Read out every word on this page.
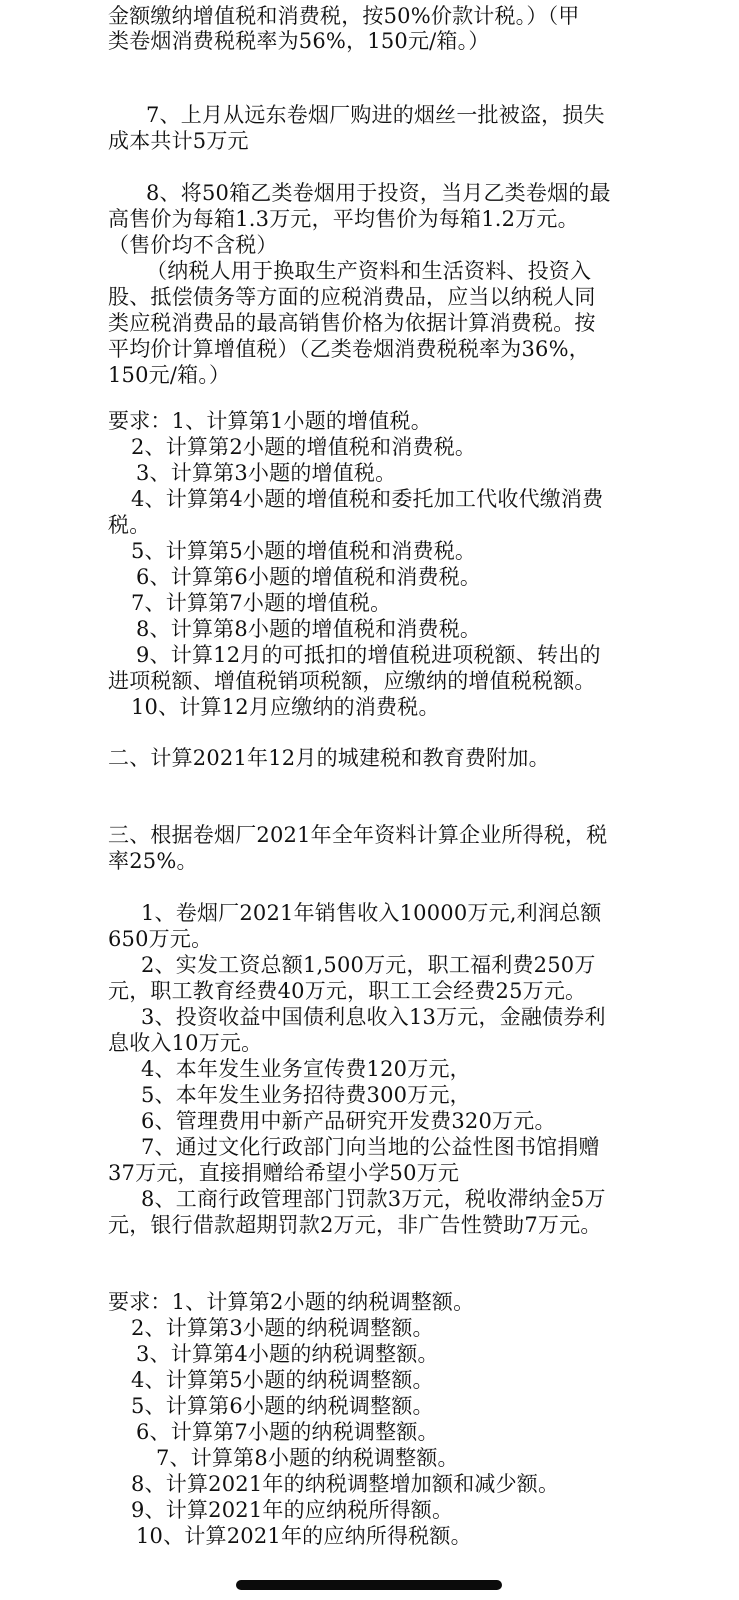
金额缴纳增值税和消费税，按50%价款计税。）（甲
类卷烟消费税税率为56%，150元/箱。）
7、上月从远东卷烟厂购进的烟丝一批被盗，损失
成本共计5万元
8、将50箱乙类卷烟用于投资，当月乙类卷烟的最
高售价为每箱1.3万元，平均售价为每箱1.2万元。
（售价均不含税）
（纳税人用于换取生产资料和生活资料、投资入
股、抵偿债务等方面的应税消费品，应当以纳税人同
类应税消费品的最高销售价格为依据计算消费税。按
平均价计算增值税）（乙类卷烟消费税税率为36%，
150元/箱。）
要求：1、计算第1小题的增值税。
2、计算第2小题的增值税和消费税。
3、计算第3小题的增值税。
4、计算第4小题的增值税和委托加工代收代缴消费
税。
5、计算第5小题的增值税和消费税。
6、计算第6小题的增值税和消费税。
7、计算第7小题的增值税。
8、计算第8小题的增值税和消费税。
9、计算12月的可抵扣的增值税进项税额、转出的
进项税额、增值税销项税额，应缴纳的增值税税额。
10、计算12月应缴纳的消费税。
二、计算2021年12月的城建税和教育费附加。
三、根据卷烟厂2021年全年资料计算企业所得税，税
率25%。
1、卷烟厂2021年销售收入10000万元,利润总额
650万元。
2、实发工资总额1,500万元，职工福利费250万
元，职工教育经费40万元，职工工会经费25万元。
3、投资收益中国债利息收入13万元，金融债券利
息收入10万元。
4、本年发生业务宣传费120万元，
5、本年发生业务招待费300万元，
6、管理费用中新产品研究开发费320万元。
7、通过文化行政部门向当地的公益性图书馆捐赠
37万元，直接捐赠给希望小学50万元
8、工商行政管理部门罚款3万元，税收滞纳金5万
元，银行借款超期罚款2万元，非广告性赞助7万元。
要求：1、计算第2小题的纳税调整额。
2、计算第3小题的纳税调整额。
3、计算第4小题的纳税调整额。
4、计算第5小题的纳税调整额。
5、计算第6小题的纳税调整额。
6、计算第7小题的纳税调整额。
7、计算第8小题的纳税调整额。
8、计算2021年的纳税调整增加额和减少额。
9、计算2021年的应纳税所得额。
10、计算2021年的应纳所得税额。
